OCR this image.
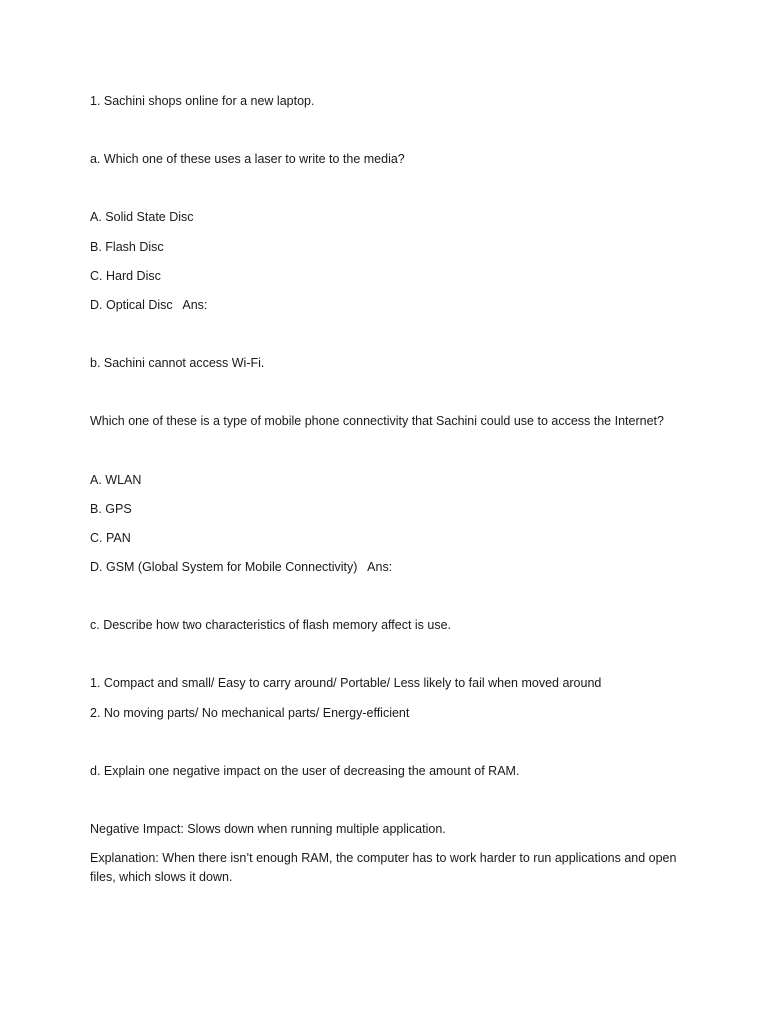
1. Sachini shops online for a new laptop.
a. Which one of these uses a laser to write to the media?
A. Solid State Disc
B. Flash Disc
C. Hard Disc
D. Optical Disc   Ans:
b. Sachini cannot access Wi-Fi.
Which one of these is a type of mobile phone connectivity that Sachini could use to access the Internet?
A. WLAN
B. GPS
C. PAN
D. GSM (Global System for Mobile Connectivity)   Ans:
c. Describe how two characteristics of flash memory affect is use.
1. Compact and small/ Easy to carry around/ Portable/ Less likely to fail when moved around
2. No moving parts/ No mechanical parts/ Energy-efficient
d. Explain one negative impact on the user of decreasing the amount of RAM.
Negative Impact: Slows down when running multiple application.
Explanation: When there isn’t enough RAM, the computer has to work harder to run applications and open files, which slows it down.
